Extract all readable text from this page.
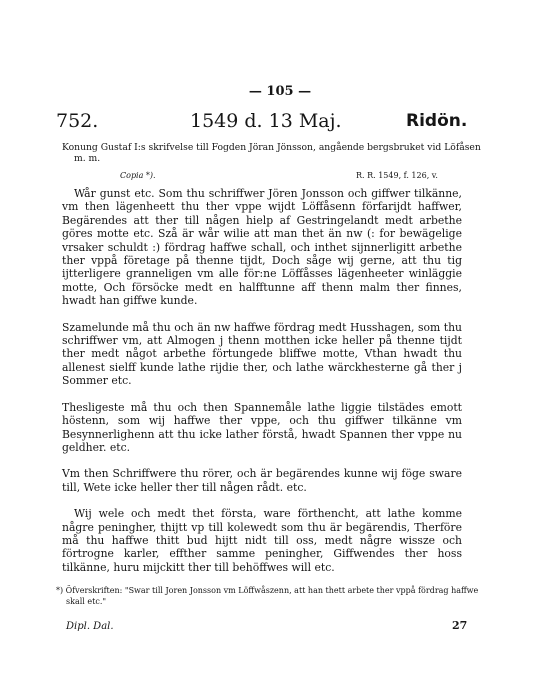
— 105 —
752.	1549 d. 13 Maj.	Ridön.
Konung Gustaf I:s skrifvelse till Fogden Jöran Jönsson, angående bergsbruket vid Löfåsen m. m.
Copia *).	R. R. 1549, f. 126, v.

Wår gunst etc. Som thu schriffwer Jören Jonsson och giffwer tilkänne, vm then lägenheett thu ther vppe wijdt Löffåsenn förfarijdt haffwer, Begärendes att ther till någen hielp af Gestringelandt medt arbethe göres motte etc. Szå är wår wilie att man thet än nw (: for bewägelige vrsaker schuldt :) fördrag haffwe schall, och inthet sijnnerligitt arbethe ther vppå företage på thenne tijdt, Doch såge wij gerne, att thu tig ijtterligere granneligen vm alle för:ne Löffåsses lägenheeter winläggie motte, Och försöcke medt en halfftunne aff thenn malm ther finnes, hwadt han giffwe kunde.

Szamelunde må thu och än nw haffwe fördrag medt Husshagen, som thu schriffwer vm, att Almogen j thenn motthen icke heller på thenne tijdt ther medt något arbethe förtungede bliffwe motte, Vthan hwadt thu allenest sielff kunde lathe rijdie ther, och lathe wärckhesterne gå ther j Sommer etc.

Thesligeste må thu och then Spannemåle lathe liggie tilstädes emott höstenn, som wij haffwe ther vppe, och thu giffwer tilkänne vm Besynnerlighenn att thu icke lather förstå, hwadt Spannen ther vppe nu geldher. etc.

Vm then Schriffwere thu rörer, och är begärendes kunne wij föge sware till, Wete icke heller ther till någen rådt. etc.

Wij wele och medt thet första, ware förthencht, att lathe komme någre peningher, thijtt vp till kolewedt som thu är begärendis, Therföre må thu haffwe thitt bud hijtt nidt till oss, medt någre wissze och förtrogne karler, effther samme peningher, Giffwendes ther hoss tilkänne, huru mijckitt ther till behöffwes will etc.

*) Öfverskriften: "Swar till Joren Jonsson vm Löffwåszenn, att han thett arbete ther vppå fördrag haffwe skall etc."
Dipl. Dal.	27
